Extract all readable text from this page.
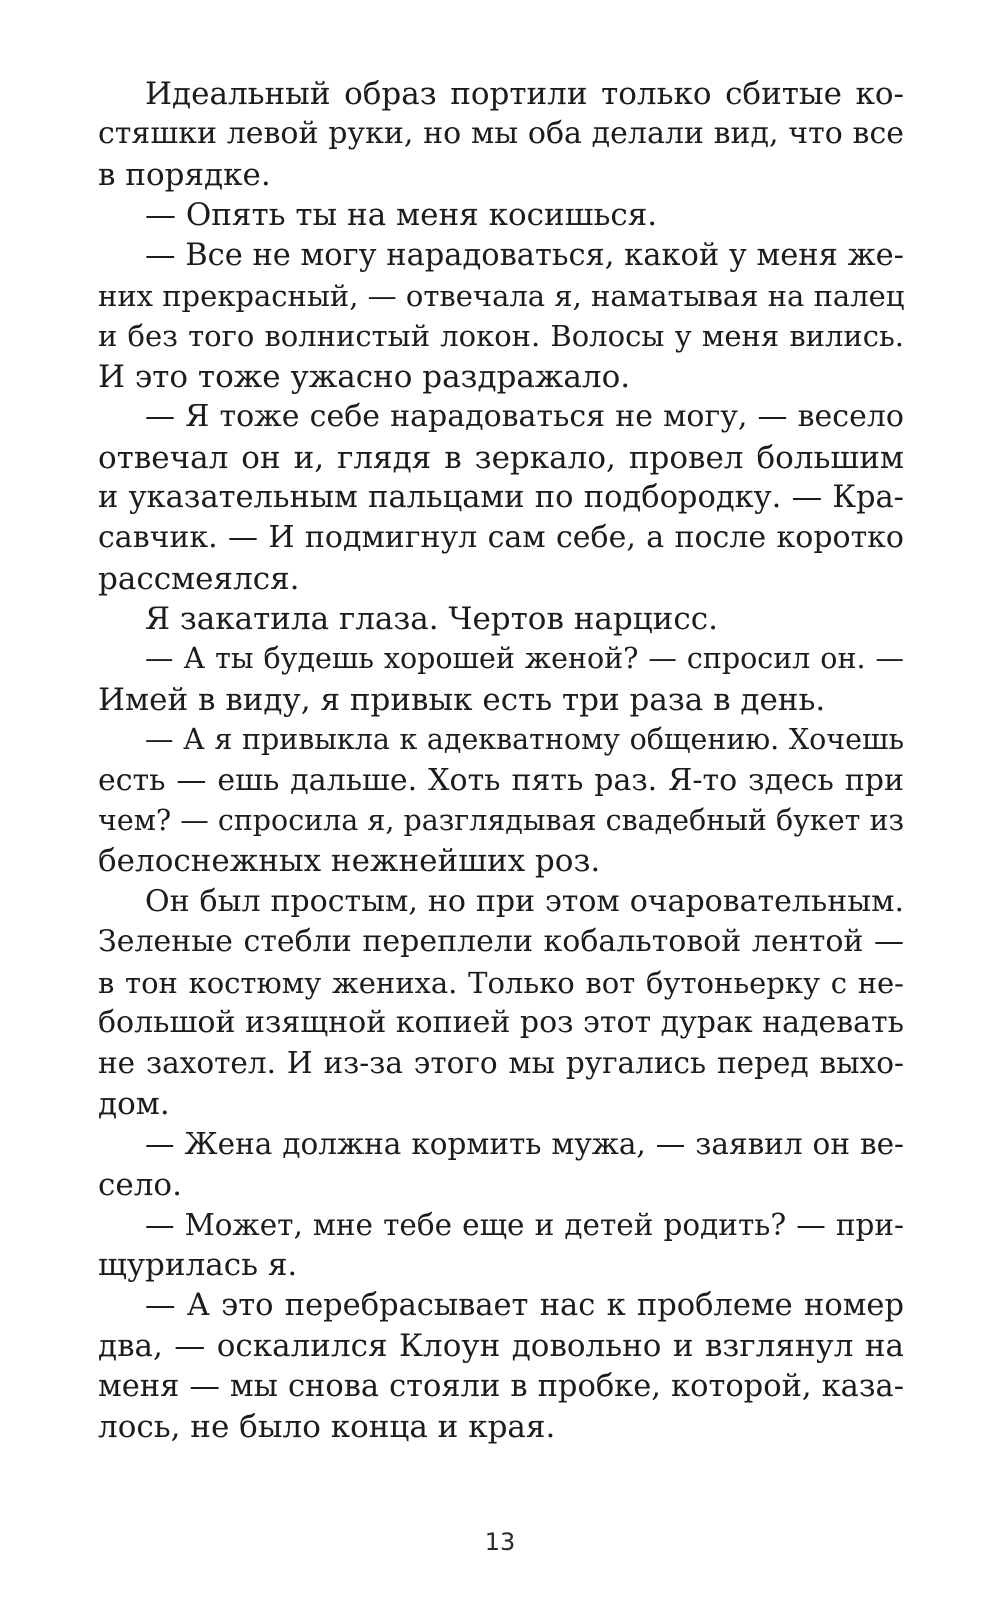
Идеальный образ портили только сбитые ко-
стяшки левой руки, но мы оба делали вид, что все
в порядке.
— Опять ты на меня косишься.
— Все не могу нарадоваться, какой у меня же-
них прекрасный, — отвечала я, наматывая на палец
и без того волнистый локон. Волосы у меня вились.
И это тоже ужасно раздражало.
— Я тоже себе нарадоваться не могу, — весело
отвечал он и, глядя в зеркало, провел большим
и указательным пальцами по подбородку. — Кра-
савчик. — И подмигнул сам себе, а после коротко
рассмеялся.
Я закатила глаза. Чертов нарцисс.
— А ты будешь хорошей женой? — спросил он. —
Имей в виду, я привык есть три раза в день.
— А я привыкла к адекватному общению. Хочешь
есть — ешь дальше. Хоть пять раз. Я-то здесь при
чем? — спросила я, разглядывая свадебный букет из
белоснежных нежнейших роз.
Он был простым, но при этом очаровательным.
Зеленые стебли переплели кобальтовой лентой —
в тон костюму жениха. Только вот бутоньерку с не-
большой изящной копией роз этот дурак надевать
не захотел. И из-за этого мы ругались перед выхо-
дом.
— Жена должна кормить мужа, — заявил он ве-
село.
— Может, мне тебе еще и детей родить? — при-
щурилась я.
— А это перебрасывает нас к проблеме номер
два, — оскалился Клоун довольно и взглянул на
меня — мы снова стояли в пробке, которой, каза-
лось, не было конца и края.
13
